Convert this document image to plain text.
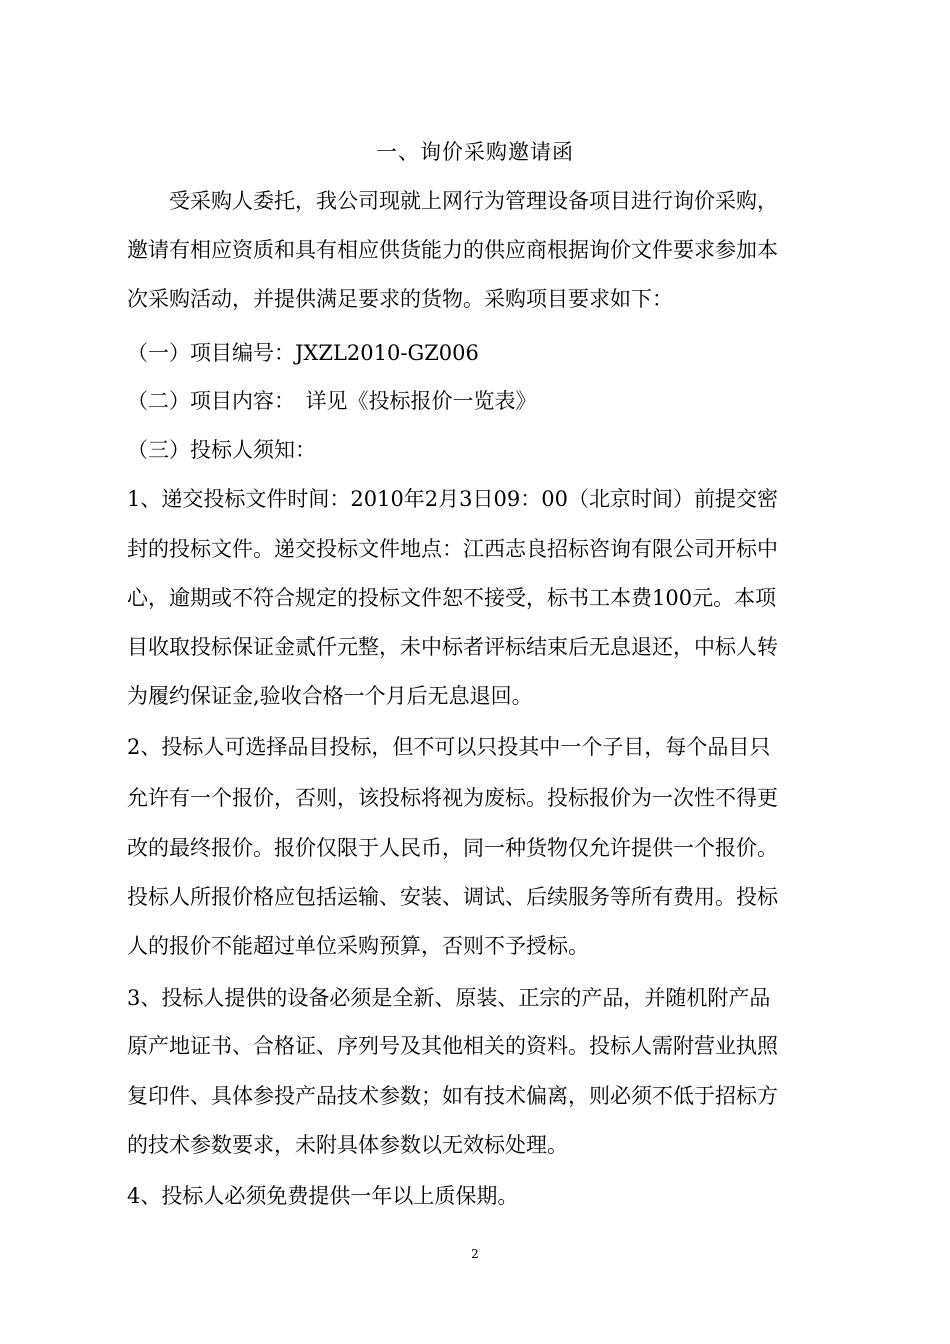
一、询价采购邀请函
　　受采购人委托，我公司现就上网行为管理设备项目进行询价采购，
邀请有相应资质和具有相应供货能力的供应商根据询价文件要求参加本
次采购活动，并提供满足要求的货物。采购项目要求如下：
（一）项目编号：JXZL2010-GZ006
（二）项目内容：　详见《投标报价一览表》
（三）投标人须知：
1、递交投标文件时间：2010年2月3日09：00（北京时间）前提交密
封的投标文件。递交投标文件地点：江西志良招标咨询有限公司开标中
心，逾期或不符合规定的投标文件恕不接受，标书工本费100元。本项
目收取投标保证金贰仟元整，未中标者评标结束后无息退还，中标人转
为履约保证金,验收合格一个月后无息退回。
2、投标人可选择品目投标，但不可以只投其中一个子目，每个品目只
允许有一个报价，否则，该投标将视为废标。投标报价为一次性不得更
改的最终报价。报价仅限于人民币，同一种货物仅允许提供一个报价。
投标人所报价格应包括运输、安装、调试、后续服务等所有费用。投标
人的报价不能超过单位采购预算，否则不予授标。
3、投标人提供的设备必须是全新、原装、正宗的产品，并随机附产品
原产地证书、合格证、序列号及其他相关的资料。投标人需附营业执照
复印件、具体参投产品技术参数；如有技术偏离，则必须不低于招标方
的技术参数要求，未附具体参数以无效标处理。
4、投标人必须免费提供一年以上质保期。
2
